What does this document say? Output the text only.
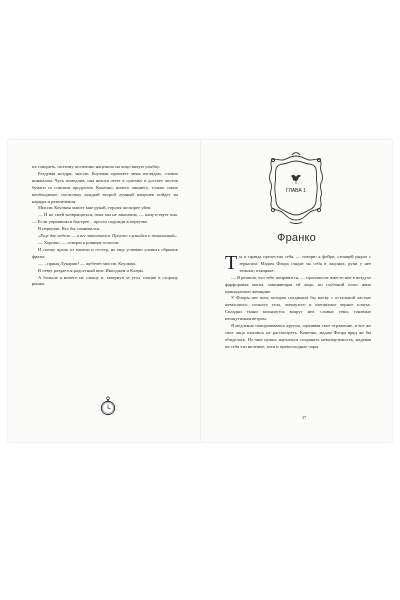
их говорить, поэтому поспешно нацепило на лицо вялую улыбку.

Раздувая ноздри, миссис Коулман пронзает меня взглядом, словно кинжалом. Чуть помедлив, она нехотя лезет в сумочку и достает листок бумаги со списком продуктов. Конечно, ничего лишнего, только самое необходимое, поскольку каждый второй лунный камушек пойдет на наряды и развлечения.

Миссис Коулман машет мне рукой, торопя поскорее уйти.

— И не смей возвращаться, пока мы не закончим, — напутствует она. — Если управишься быстрее... просто подожди в переулке.

В переулке. Кто бы сомневался.

«Еще две недели — и все закончится. Просто слушайся и помалкивай».

— Хорошо, — говорю я ровным голосом.

И спешу прочь от мачехи и сестер, но еще успеваю уловить обрывок фразы:

— ...принц Лунарии! — щебечет миссис Коулман.

В ответ раздается радостный визг Иволджен и Клары.

А больше я ничего не слышу и, завернув за угол, шагаю в сторону рынка.

ГЛАВА 1
Франко

Ты и правда прелестна себя, — говорю я фейри, стоящей рядом с зеркалом. Мадам Флора глядит на себя в ладонях; руки у нее темные, изящные.

— Я решила, что тебе понравится, — произносит вместо нее в воздухе фарфоровая маска, заменяющая ей лицо, но глубокий голос явно принадлежит женщине.

У Флоры нет шеи, которая соединила бы маску с остальной частью невысокого, полного тела, затянутого в элегантное черное платье. Складки ткани колышутся вокруг нее, словно тени, гонимые неощутимым ветром.

Я медленно поворачиваюсь кругом, оценивая свое отражение, и все же свое лицо пытаюсь не рассмотреть. Конечно, мадам Флора вряд ли бы обиделась. Но мне нужно научиться сохранять невозмутимость, надевая на себя эти нелепые, хотя и превосходные чары.

37
